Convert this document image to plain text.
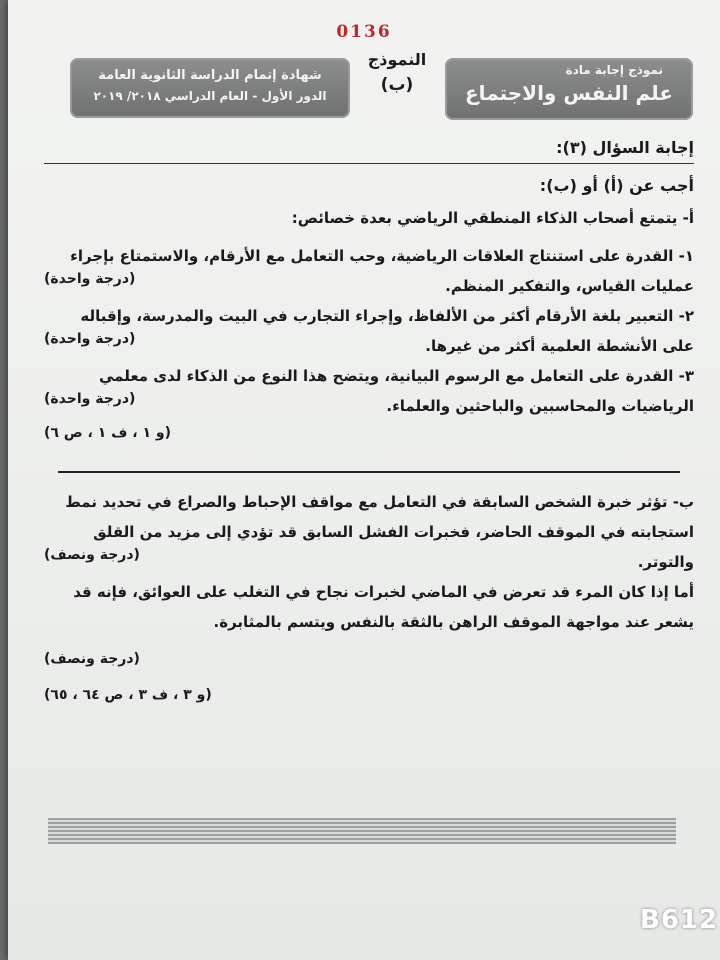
0136
شهادة إتمام الدراسة الثانوية العامة
الدور الأول - العام الدراسي ٢٠١٨/ ٢٠١٩
النموذج
(ب)
نموذج إجابة مادة
علم النفس والاجتماع
إجابة السؤال (٣):
أجب عن (أ) أو (ب):
أ- يتمتع أصحاب الذكاء المنطقي الرياضي بعدة خصائص:
١- القدرة على استنتاج العلاقات الرياضية، وحب التعامل مع الأرقام، والاستمتاع بإجراء عمليات القياس، والتفكير المنظم.
(درجة واحدة)
٢- التعبير بلغة الأرقام أكثر من الألفاظ، وإجراء التجارب في البيت والمدرسة، وإقباله على الأنشطة العلمية أكثر من غيرها.
(درجة واحدة)
٣- القدرة على التعامل مع الرسوم البيانية، ويتضح هذا النوع من الذكاء لدى معلمي الرياضيات والمحاسبين والباحثين والعلماء.
(درجة واحدة)
(و ١ ، ف ١ ، ص ٦)
ب- تؤثر خبرة الشخص السابقة في التعامل مع مواقف الإحباط والصراع في تحديد نمط استجابته في الموقف الحاضر، فخبرات الفشل السابق قد تؤدي إلى مزيد من القلق والتوتر.
(درجة ونصف)
أما إذا كان المرء قد تعرض في الماضي لخبرات نجاح في التغلب على العوائق، فإنه قد يشعر عند مواجهة الموقف الراهن بالثقة بالنفس ويتسم بالمثابرة.
(درجة ونصف)
(و ٣ ، ف ٣ ، ص ٦٤ ، ٦٥)
B612
